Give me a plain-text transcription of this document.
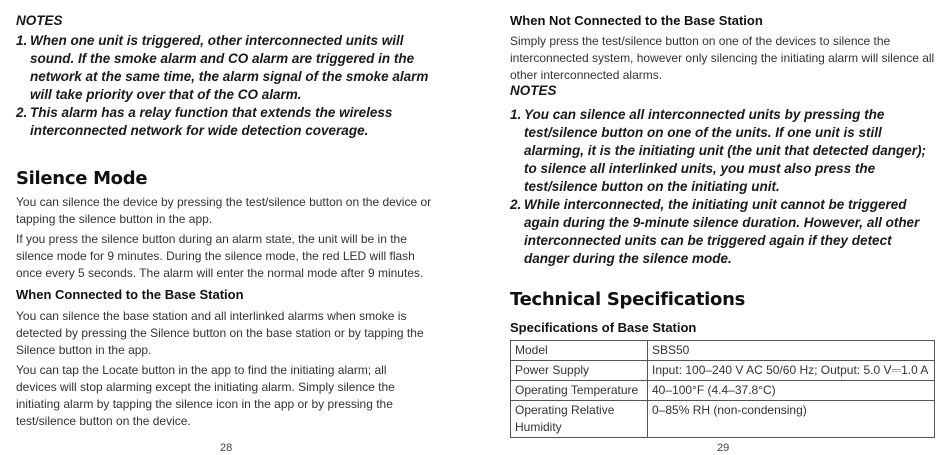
NOTES
1. When one unit is triggered, other interconnected units will sound. If the smoke alarm and CO alarm are triggered in the network at the same time, the alarm signal of the smoke alarm will take priority over that of the CO alarm.
2. This alarm has a relay function that extends the wireless interconnected network for wide detection coverage.
Silence Mode
You can silence the device by pressing the test/silence button on the device or tapping the silence button in the app.
If you press the silence button during an alarm state, the unit will be in the silence mode for 9 minutes. During the silence mode, the red LED will flash once every 5 seconds. The alarm will enter the normal mode after 9 minutes.
When Connected to the Base Station
You can silence the base station and all interlinked alarms when smoke is detected by pressing the Silence button on the base station or by tapping the Silence button in the app.
You can tap the Locate button in the app to find the initiating alarm; all devices will stop alarming except the initiating alarm. Simply silence the initiating alarm by tapping the silence icon in the app or by pressing the test/silence button on the device.
28
When Not Connected to the Base Station
Simply press the test/silence button on one of the devices to silence the interconnected system, however only silencing the initiating alarm will silence all other interconnected alarms.
NOTES
1. You can silence all interconnected units by pressing the test/silence button on one of the units. If one unit is still alarming, it is the initiating unit (the unit that detected danger); to silence all interlinked units, you must also press the test/silence button on the initiating unit.
2. While interconnected, the initiating unit cannot be triggered again during the 9-minute silence duration. However, all other interconnected units can be triggered again if they detect danger during the silence mode.
Technical Specifications
Specifications of Base Station
Model	SBS50
Power Supply	Input: 100–240 V AC 50/60 Hz; Output: 5.0 V⎓1.0 A
Operating Temperature	40–100°F (4.4–37.8°C)
Operating Relative Humidity	0–85% RH (non-condensing)
29
